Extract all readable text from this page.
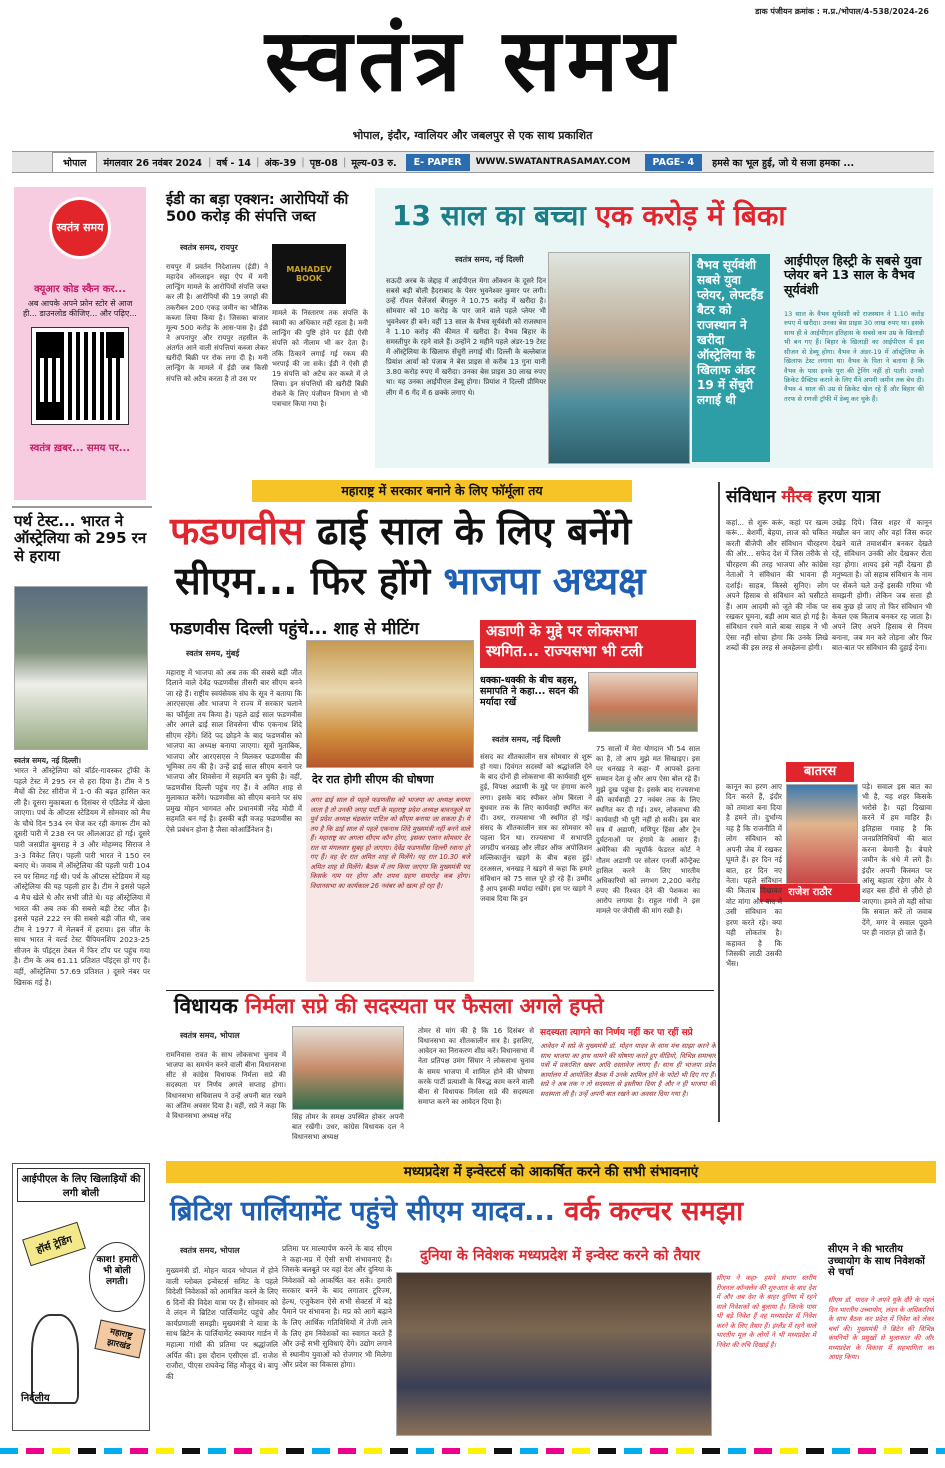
डाक पंजीयन क्रमांक : म.प्र./भोपाल/4-538/2024-26
स्वतंत्र समय
भोपाल, इंदौर, ग्वालियर और जबलपुर से एक साथ प्रकाशित
भोपाल	मंगलवार 26 नवंबर 2024 | वर्ष - 14 | अंक-39 | पृष्ठ-08 | मूल्य-03 रु.	E- PAPER	WWW.SWATANTRASAMAY.COM	PAGE- 4	हमसे का भूल हुई, जो ये सजा हमका ...
स्वतंत्र समय
क्यूआर कोड स्कैन कर...
अब आपके अपने फ्रोन स्टोर से आज ही... डाउनलोड कीजिए... और पढ़िए...
स्वतंत्र ख़बर... समय पर...
ईडी का बड़ा एक्शन: आरोपियों की 500 करोड़ की संपत्ति जब्त
स्वतंत्र समय, रायपुर
रायपुर में प्रवर्तन निदेशालय (ईडी) ने महादेव ऑनलाइन सट्टा ऐप में मनी लान्ड्रिंग मामले के आरोपियों संपत्ति जब्त कर ली है। आरोपियों की 19 जगहों की तकरीबन 200 एकड़ जमीन का भौतिक कब्जा लिया किया है। जिसका बाजार मूल्य 500 करोड़ के आस-पास है। ईडी ने अपनापुर और रायपुर तहसील के अंतर्गत आने वाली संपत्तियां कब्जा लेकर खरीदी बिक्री पर रोक लगा दी है। मनी लान्ड्रिंग के मामले में ईडी जब किसी संपत्ति को अटैच करता है तो उस पर
MAHADEV BOOK
मामले के निस्तारण तक संपत्ति के स्वामी का अधिकार नहीं रहता है। मनी लान्ड्रिंग की पुष्टि होने पर ईडी ऐसी संपत्ति को नीलाम भी कर देता है। तकि ठिकाने लगाई गई रकम की भरपाई की जा सके। ईडी ने ऐसी ही 19 संपत्ति को अटैच कर कब्जे में ले लिया। इन संपत्तियों की खरीदी बिक्री रोकने के लिए पंजीयन विभाग से भी पत्राचार किया गया है।
13 साल का बच्चा एक करोड़ में बिका
स्वतंत्र समय, नई दिल्ली
सऊदी अरब के जेद्दाह में आईपीएल मेगा ऑक्शन के दूसरे दिन सबसे बड़ी बोली हैदराबाद के पेसर भुवनेश्वर कुमार पर लगी। उन्हें रॉयल चैलेंजर्स बेंगलुरु ने 10.75 करोड़ में खरीदा है। सोमवार को 10 करोड़ के पार जाने वाले पहले प्लेयर भी भुवनेश्वर ही बने। वहीं 13 साल के वैभव सूर्यवंशी को राजस्थान ने 1.10 करोड़ की कीमत में खरीदा है। वैभव बिहार के समस्तीपुर के रहने वाले हैं। उन्होंने 2 महीने पहले अंडर-19 टेस्ट में ऑस्ट्रेलिया के खिलाफ सेंचुरी लगाई थी। दिल्ली के बल्लेबाज प्रियांश आर्या को पंजाब ने बेस प्राइस से करीब 13 गुना यानी 3.80 करोड़ रुपए में खरीदा। उनका बेस प्राइस 30 लाख रुपए था। यह उनका आईपीएल डेब्यू होगा। प्रियांश ने दिल्ली प्रीमियर लीग में 6 गेंद में 6 छक्के लगाए थे।
वैभव सूर्यवंशी सबसे युवा प्लेयर, लेफ्टहैंड बैटर को राजस्थान ने खरीदा ऑस्ट्रेलिया के खिलाफ अंडर 19 में सेंचुरी लगाई थी
आईपीएल हिस्ट्री के सबसे युवा प्लेयर बने 13 साल के वैभव सूर्यवंशी
13 साल के वैभव सूर्यवंशी को राजस्थान ने 1.10 करोड़ रुपए में खरीदा। उनका बेस प्राइस 30 लाख रुपए था। इसके साथ ही वे आईपीएल इतिहास के सबसे कम उम्र के खिलाड़ी भी बन गए हैं। बिहार के खिलाड़ी का आईपीएल में इस सीजन से डेब्यू होगा। वैभव ने अंडर-19 में ऑस्ट्रेलिया के खिलाफ टेस्ट लगाया था। वैभव के पिता ने बताया है कि वैभव के पास इनके पूरा की ट्रेनिंग नहीं हो पाती। उनको क्रिकेट प्रैक्टिस कराने के लिए मैंने अपनी जमीन तक बेच दी। वैभव 4 साल की उम्र से क्रिकेट खेल रहे हैं और बिहार की तरफ से रणजी ट्रॉफी में डेब्यू कर चुके हैं।
पर्थ टेस्ट... भारत ने ऑस्ट्रेलिया को 295 रन से हराया
स्वतंत्र समय, नई दिल्ली।
भारत ने ऑस्ट्रेलिया को बॉर्डर-गावस्कर ट्रॉफी के पहले टेस्ट में 295 रन से हरा दिया है। टीम ने 5 मैचों की टेस्ट सीरीज में 1-0 की बढ़त हासिल कर ली है। दूसरा मुकाबला 6 दिसंबर से एडिलेड में खेला जाएगा। पर्थ के ऑप्टस स्टेडियम में सोमवार को मैच के चौथे दिन 534 रन चेज कर रही कंगारू टीम को दूसरी पारी में 238 रन पर ऑलआउट हो गई। दूसरे पारी जसप्रीत बुमराह ने 3 और मोहम्मद सिराज ने 3-3 विकेट लिए। पहली पारी भारत ने 150 रन बनाए थे। जवाब में ऑस्ट्रेलिया की पहली पारी 104 रन पर सिमट गई थी। पर्थ के ऑप्टस स्टेडियम में यह ऑस्ट्रेलिया की यह पहली हार है। टीम ने इससे पहले 4 मैच खेले थे और सभी जीते थे। यह ऑस्ट्रेलिया में भारत की अब तक की सबसे बड़ी टेस्ट जीत है। इससे पहले 222 रन की सबसे बड़ी जीत थी, जब टीम ने 1977 में मेलबर्न में हराया। इस जीत के साथ भारत ने वर्ल्ड टेस्ट चैंपियनशिप 2023-25 सीजन के पॉइंट्स टेबल में फिर टॉप पर पहुंच गया है। टीम के अब 61.11 प्रतिशत पॉइंट्स हो गए हैं। वहीं, ऑस्ट्रेलिया 57.69 प्रतिशत ) दूसरे नंबर पर खिसक गई है।
आईपीएल के लिए खिलाड़ियों की लगी बोली
हॉर्स ट्रेडिंग
काश! हमारी भी बोली लगती।
निर्दलीय
महाराष्ट्र झारखंड
महाराष्ट्र में सरकार बनाने के लिए फॉर्मूला तय
फडणवीस ढाई साल के लिए बनेंगे
सीएम... फिर होंगे भाजपा अध्यक्ष
फडणवीस दिल्ली पहुंचे... शाह से मीटिंग
स्वतंत्र समय, मुंबई
महाराष्ट्र में भाजपा को अब तक की सबसे बड़ी जीत दिलाने वाले देवेंद्र फडणवीस तीसरी बार सीएम बनने जा रहे हैं। राष्ट्रीय स्वयंसेवक संघ के सूत्र ने बताया कि आरएसएस और भाजपा ने राज्य में सरकार चलाने का फॉर्मूला तय किया है। पहले ढाई साल फडणवीस और अगले ढाई साल शिवसेना चीफ एकनाथ शिंदे सीएम रहेंगे। शिंदे पद छोड़ने के बाद फडणवीस को भाजपा का अध्यक्ष बनाया जाएगा। सूत्रों मुताबिक, भाजपा और आरएसएस ने मिलकर फडणवीस की भूमिका तय की है। उन्हें ढाई साल सीएम बनाने पर भाजपा और शिवसेना में सहमति बन चुकी है। वहीं, फडणवीस दिल्ली पहुंच गए हैं। वे अमित शाह से मुलाकात करेंगे। फडणवीस को सीएम बनाने पर संघ प्रमुख मोहन भागवत और प्रधानमंत्री नरेंद्र मोदी में सहमति बन गई है। इसकी बड़ी वजह फडणवीस का ऐसे प्रबंधन होना है जैसा कोआर्डिनेशन है।
देर रात होगी सीएम की घोषणा
अगर ढाई साल से पहले फडणवीस को भाजपा का अध्यक्ष बनाया जाता है तो उनकी जगह पार्टी के महाराष्ट्र प्रदेश अध्यक्ष बावनकुले या पूर्व प्रदेश अध्यक्ष चंद्रकांत पाटिल को सीएम बनाया जा सकता है। ये तय है कि ढाई साल से पहले एकनाथ शिंदे मुख्यमंत्री नहीं बनने वाले हैं। महाराष्ट्र का अगला सीएम कौन होगा, इसका एलान सोमवार देर रात या मंगलवार सुबह हो जाएगा। देवेंद्र फडणवीस दिल्ली रवाना हो गए हैं। वह देर रात अमित शाह से मिलेंगे। यह रात 10.30 बजे अमित शाह से मिलेंगे। बैठक में तय किया जाएगा कि मुख्यमंत्री पद किसके नाम पर होगा और शपथ ग्रहण समारोह कब होगा। विधानसभा का कार्यकाल 26 नवंबर को खत्म हो रहा है।
अडाणी के मुद्दे पर लोकसभा स्थगित... राज्यसभा भी टली
धक्का-धक्की के बीच बहस, समापति ने कहा... सदन की मर्यादा रखें
स्वतंत्र समय, नई दिल्ली
संसद का शीतकालीन सत्र सोमवार से शुरू हो गया। दिवंगत सदस्यों को श्रद्धांजलि देने के बाद दोनों ही लोकसभा की कार्यवाही शुरू हुई, विपक्ष अडाणी के मुद्दे पर हंगामा करने लगा। इसके बाद स्पीकर ओम बिरला ने बुधवार तक के लिए कार्यवाही स्थगित कर दी। उधर, राज्यसभा भी स्थगित हो गई। संसद के शीतकालीन सत्र का सोमवार को पहला दिन था। राज्यसभा में सभापति जगदीप धनखड़ और लीडर ऑफ अपोजिशन मल्लिकार्जुन खड़गे के बीच बहस हुई। दरअसल, धनखड़ ने खड़गे से कहा कि हमारे संविधान को 75 साल पूरे हो रहे हैं। उम्मीद है आप इसकी मर्यादा रखेंगे। इस पर खड़गे ने जवाब दिया कि इन
75 सालों में मेरा योगदान भी 54 साल का है, तो आप मुझे मत सिखाइए। इस पर धनखड़ ने कहा- मैं आपको इतना सम्मान देता हूं और आप ऐसा बोल रहे हैं। मुझे दुख पहुंचा है। इसके बाद राज्यसभा की कार्यवाही 27 नवंबर तक के लिए स्थगित कर दी गई। उधर, लोकसभा की कार्यवाही भी पूरी नहीं हो सकी। इस बार सत्र में अडाणी, मणिपुर हिंसा और ट्रेन दुर्घटनाओं पर हंगामे के आसार हैं। अमेरिका की न्यूयॉर्क फेडरल कोर्ट ने गौतम अडाणी पर सोलर एनर्जी कॉन्ट्रैक्ट हासिल करने के लिए भारतीय अधिकारियों को लगभग 2,200 करोड़ रुपए की रिश्वत देने की पेशकश का आरोप लगाया है। राहुल गांधी ने इस मामले पर जेपीसी की मांग रखी है।
संविधान गौरव हरण यात्रा
कहां... से शुरू करूं, कहां पर खत्म करूं... बेशर्मी, बेहया, लाज को चकित करती बीजेपी और संविधान चीरहरण की ओर... सफेद देश में जिस तरीके से चीरहरण की तरह भाजपा और कांग्रेस नेताओं ने संविधान की भावना ही दर्शाई। साहब, किस्से सुनिए। लोग अपने हिसाब से संविधान को घसीटते हैं। आम आदमी को जूते की नोंक पर रखकर घूमना, बड़ी आम बात हो गई है। संविधान रचने वाले बाबा साहब ने भी ऐसा नहीं सोचा होगा कि उनके लिखे शब्दों की इस तरह से अवहेलना होगी।
उखेड़ दिये। जिस शहर में कानून मखौल बन जाए और वहां जिस कदर देखने वाले तमाशबीन बनकर देखते रहें, संविधान उनकी ओर देखकर रोता रहा होगा। शायद इसे नहीं देखना ही मनुष्यता है। जो सहाब संविधान के नाम पर सेंकने चले उन्हें इसकी गरिमा भी समझनी होगी। लेकिन जब सत्ता ही सब कुछ हो जाए तो फिर संविधान भी केवल एक किताब बनकर रह जाता है। अपने लिए अपने हिसाब से नियम बनाना, जब मन करे तोड़ना और फिर बात-बात पर संविधान की दुहाई देना।
बातरस
राजेश राठौर
कानून का हरण आए दिन करते हैं, इंदौर को तमाशा बना दिया है हमने तो। दुर्भाग्य यह है कि राजनीति में लोग संविधान को अपनी जेब में रखकर घूमते हैं। हर दिन नई बात, हर दिन नए नेता। पहले संविधान की किताब दिखाकर वोट मांगा और बाद में उसी संविधान का हरण करते रहे। क्या यही लोकतंत्र है। कहावत है कि जिसकी लाठी उसकी भैंस।
पड़े। सवाल इस बात का भी है, यह शहर किसके भरोसे है। यहां दिखावा करने में हम माहिर हैं। इतिहास गवाह है कि जनप्रतिनिधियों की बात करना बेमानी है। बेचारे जमीन के धंधे में लगे हैं। इंदौर अपनी किस्मत पर आंसू बहाता रहेगा और ये शहर बस हीरो से ज़ीरो हो जाएगा। हमने तो यही सोचा कि सवाल करें तो जवाब देंगे, मगर वे सवाल पूछने पर ही नाराज़ हो जाते हैं।
विधायक निर्मला सप्रे की सदस्यता पर फैसला अगले हफ्ते
स्वतंत्र समय, भोपाल
रामनिवास रावत के साथ लोकसभा चुनाव में भाजपा का समर्थन करने वाली बीना विधानसभा सीट से कांग्रेस विधायक निर्मला सप्रे की सदस्यता पर निर्णय अगले सप्ताह होगा। विधानसभा सचिवालय ने उन्हें अपनी बात रखने का अंतिम अवसर दिया है। वहीं, सप्रे ने कहा कि वे विधानसभा अध्यक्ष नरेंद्र	सिंह तोमर के समक्ष उपस्थित होकर अपनी बात रखेंगी। उधर, कांग्रेस विधायक दल ने विधानसभा अध्यक्ष
तोमर से मांग की है कि 16 दिसंबर से विधानसभा का शीतकालीन सत्र है। इसलिए, आवेदन का निराकरण शीघ्र करें। विधानसभा में नेता प्रतिपक्ष उमंग सिंघार ने लोकसभा चुनाव के समय भाजपा में शामिल होने की घोषणा करके पार्टी प्रत्याशी के विरुद्ध काम करने वाली बीना से विधायक निर्मला सप्रे की सदस्यता समाप्त करने का आवेदन दिया है।
सदस्यता त्यागने का निर्णय नहीं कर पा रहीं सप्रे
आवेदन में सप्रे के मुख्यमंत्री डॉ. मोहन यादव के साथ मंच साझा करने के साथ भाजपा का हाथ थामने की घोषणा करते हुए वीडियो, विभिन्न समाचार पत्रों में प्रकाशित खबर आदि दस्तावेज लगाए हैं। साथ ही भाजपा प्रदेश कार्यालय में आयोजित बैठक में उनके शामिल होने के फोटो भी दिए गए हैं। सप्रे ने अब तक न तो सदस्यता से इस्तीफा दिया है और न ही भाजपा की सदस्यता ली है। उन्हें अपनी बात रखने का अवसर दिया गया है।
मध्यप्रदेश में इन्वेस्टर्स को आकर्षित करने की सभी संभावनाएं
ब्रिटिश पार्लियामेंट पहुंचे सीएम यादव... वर्क कल्चर समझा
स्वतंत्र समय, भोपाल
मुख्यमंत्री डॉ. मोहन यादव भोपाल में होने वाली ग्लोबल इन्वेस्टर्स समिट के पहले विदेशी निवेशकों को आमंत्रित करने के लिए 6 दिनों की विदेश यात्रा पर हैं। सोमवार को वे लंदन में ब्रिटिश पार्लियामेंट पहुंचे और कार्यप्रणाली समझी। मुख्यमंत्री ने यात्रा के साथ ब्रिटेन के पार्लियामेंट स्क्वायर गार्डन में महात्मा गांधी की प्रतिमा पर श्रद्धांजलि अर्पित की। इस दौरान एसीएस डॉ. राजेश राजौरा, पीएस राघवेन्द्र सिंह मौजूद थे। बापू की
प्रतिमा पर माल्यार्पण करने के बाद सीएम ने कहा-मप्र में ऐसी सभी संभावनाएं हैं। जिसके बलबूते पर यहां देश और दुनिया के निवेशकों को आकर्षित कर सकें। हमारी सरकार बनने के बाद लगातार टूरिज्म, हेल्थ, एजुकेशन ऐसे सभी सेक्टर्स में बड़े पैमाने पर संभावना है। मप्र को आगे बढ़ाने के लिए आर्थिक गतिविधियों में तेजी लाने के लिए हम निवेशकों का स्वागत करते हैं और उन्हें सभी सुविधाएं देंगे। उद्योग लगाने से स्थानीय युवाओं को रोजगार भी मिलेगा और प्रदेश का विकास होगा।
दुनिया के निवेशक मध्यप्रदेश में इन्वेस्ट करने को तैयार
सीएम ने कहा- हमने संभाग स्तरीय रीजनल कॉन्क्लेव की शुरुआत के बाद देश में और अब देश के बाहर दुनिया में रहने वाले निवेशकों को बुलाया है। जिनके पास भी बड़े निवेश हैं वह मध्यप्रदेश में निवेश करने के लिए तैयार हैं। इंग्लैंड में रहने वाले भारतीय मूल के लोगों ने भी मध्यप्रदेश में निवेश की रुचि दिखाई है।
सीएम ने की भारतीय उच्चायोग के साथ निवेशकों से चर्चा
सीएम डॉ. यादव ने अपने यूके दौरे के पहले दिन भारतीय उच्चायोग, लंदन के अधिकारियों के साथ बैठक कर प्रदेश में निवेश को लेकर चर्चा की। मुख्यमंत्री ने ब्रिटेन की विभिन्न कंपनियों के प्रमुखों से मुलाकात की और मध्यप्रदेश के विकास में सहभागिता का आग्रह किया।
